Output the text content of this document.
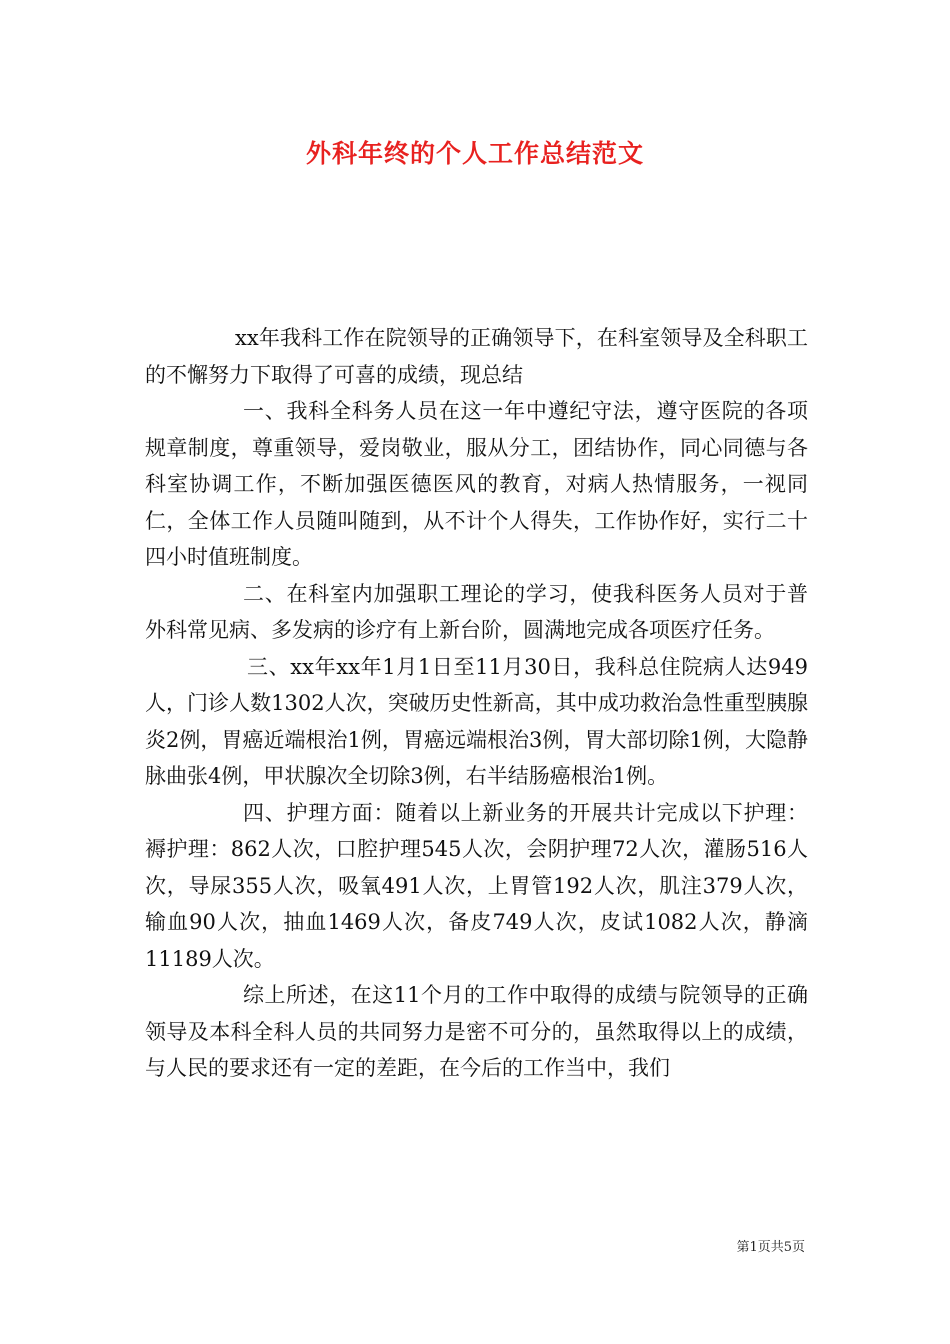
外科年终的个人工作总结范文

xx年我科工作在院领导的正确领导下，在科室领导及全科职工的不懈努力下取得了可喜的成绩，现总结

一、我科全科务人员在这一年中遵纪守法，遵守医院的各项规章制度，尊重领导，爱岗敬业，服从分工，团结协作，同心同德与各科室协调工作，不断加强医德医风的教育，对病人热情服务，一视同仁，全体工作人员随叫随到，从不计个人得失，工作协作好，实行二十四小时值班制度。

二、在科室内加强职工理论的学习，使我科医务人员对于普外科常见病、多发病的诊疗有上新台阶，圆满地完成各项医疗任务。

三、xx年xx年1月1日至11月30日，我科总住院病人达949人，门诊人数1302人次，突破历史性新高，其中成功救治急性重型胰腺炎2例，胃癌近端根治1例，胃癌远端根治3例，胃大部切除1例，大隐静脉曲张4例，甲状腺次全切除3例，右半结肠癌根治1例。

四、护理方面：随着以上新业务的开展共计完成以下护理：褥护理：862人次，口腔护理545人次，会阴护理72人次，灌肠516人次，导尿355人次，吸氧491人次，上胃管192人次，肌注379人次，输血90人次，抽血1469人次，备皮749人次，皮试1082人次，静滴11189人次。

综上所述，在这11个月的工作中取得的成绩与院领导的正确领导及本科全科人员的共同努力是密不可分的，虽然取得以上的成绩，与人民的要求还有一定的差距，在今后的工作当中，我们

第1页共5页
